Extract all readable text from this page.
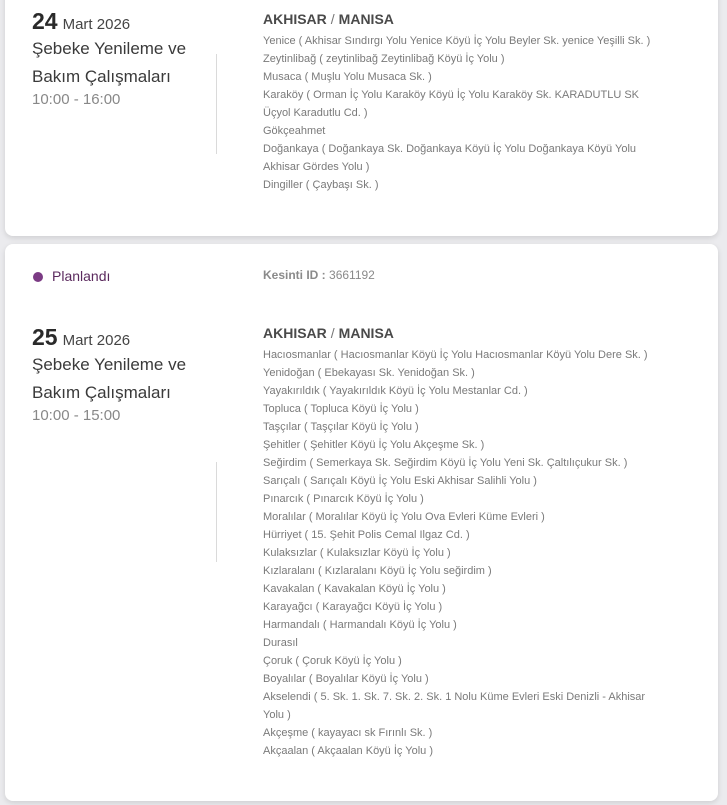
24 Mart 2026
Şebeke Yenileme ve Bakım Çalışmaları
10:00 - 16:00
AKHISAR / MANISA
Yenice ( Akhisar Sındırgı Yolu Yenice Köyü İç Yolu Beyler Sk. yenice Yeşilli Sk. )
Zeytinlibağ ( zeytinlibağ Zeytinlibağ Köyü İç Yolu )
Musaca ( Muşlu Yolu Musaca Sk. )
Karaköy ( Orman İç Yolu Karaköy Köyü İç Yolu Karaköy Sk. KARADUTLU SK Üçyol Karadutlu Cd. )
Gökçeahmet
Doğankaya ( Doğankaya Sk. Doğankaya Köyü İç Yolu Doğankaya Köyü Yolu Akhisar Gördes Yolu )
Dingiller ( Çaybaşı Sk. )
Planlandı	Kesinti ID : 3661192
25 Mart 2026
Şebeke Yenileme ve Bakım Çalışmaları
10:00 - 15:00
AKHISAR / MANISA
Hacıosmanlar ( Hacıosmanlar Köyü İç Yolu Hacıosmanlar Köyü Yolu Dere Sk. )
Yenidoğan ( Ebekayası Sk. Yenidoğan Sk. )
Yayakırıldık ( Yayakırıldık Köyü İç Yolu Mestanlar Cd. )
Topluca ( Topluca Köyü İç Yolu )
Taşçılar ( Taşçılar Köyü İç Yolu )
Şehitler ( Şehitler Köyü İç Yolu Akçeşme Sk. )
Seğirdim ( Semerkaya Sk. Seğirdim Köyü İç Yolu Yeni Sk. Çaltılıçukur Sk. )
Sarıçalı ( Sarıçalı Köyü İç Yolu Eski Akhisar Salihli Yolu )
Pınarcık ( Pınarcık Köyü İç Yolu )
Moralılar ( Moralılar Köyü İç Yolu Ova Evleri Küme Evleri )
Hürriyet ( 15. Şehit Polis Cemal Ilgaz Cd. )
Kulaksızlar ( Kulaksızlar Köyü İç Yolu )
Kızlaralanı ( Kızlaralanı Köyü İç Yolu seğirdim )
Kavakalan ( Kavakalan Köyü İç Yolu )
Karayağcı ( Karayağcı Köyü İç Yolu )
Harmandalı ( Harmandalı Köyü İç Yolu )
Durasıl
Çoruk ( Çoruk Köyü İç Yolu )
Boyalılar ( Boyalılar Köyü İç Yolu )
Akselendi ( 5. Sk. 1. Sk. 7. Sk. 2. Sk. 1 Nolu Küme Evleri Eski Denizli - Akhisar Yolu )
Akçeşme ( kayayacı sk Fırınlı Sk. )
Akçaalan ( Akçaalan Köyü İç Yolu )
